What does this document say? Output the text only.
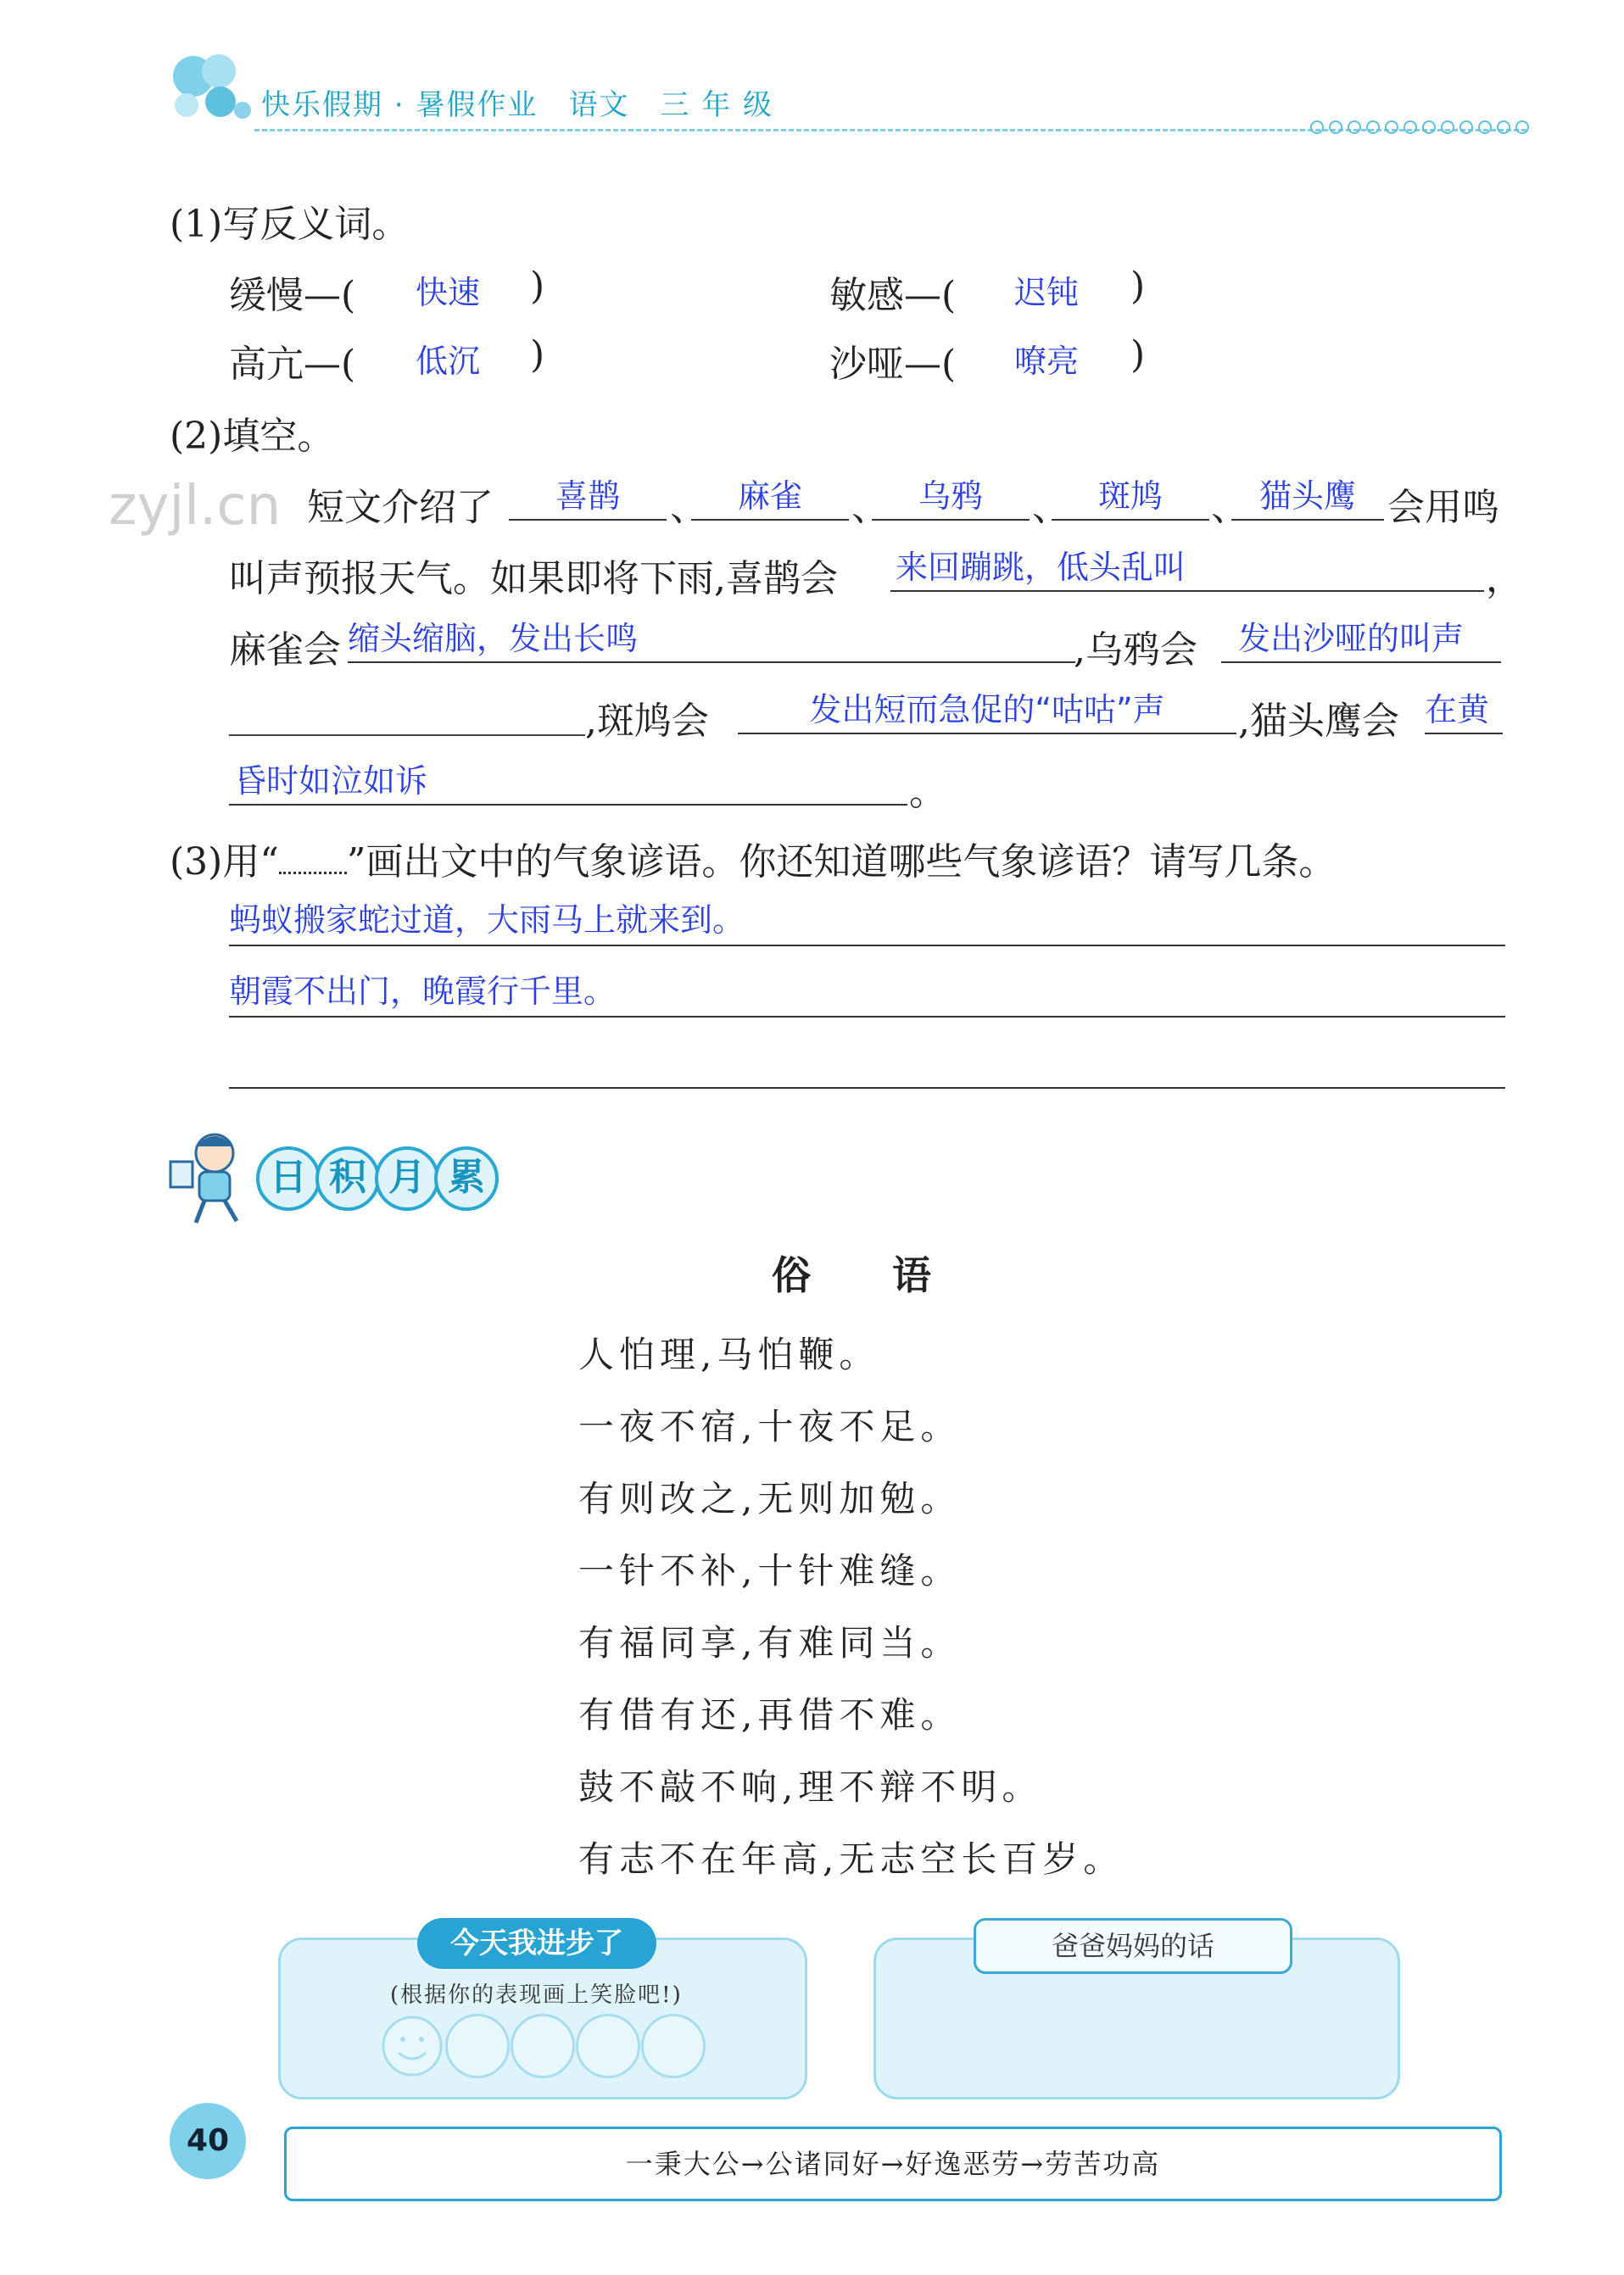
快乐假期 · 暑假作业 语文 三 年 级
(1)写反义词。
缓慢—( 快速 )	敏感—( 迟钝 )
高亢—( 低沉 )	沙哑—( 嘹亮 )
(2)填空。
zyjl.cn 短文介绍了	喜鹊	、 麻雀	、 乌鸦	、 斑鸠	、 猫头鹰 会用鸣
叫声预报天气。如果即将下雨,喜鹊会 来回蹦跳，低头乱叫	，
麻雀会 缩头缩脑，发出长鸣	,乌鸦会	发出沙哑的叫声
,斑鸠会	发出短而急促的“咕咕”声	,猫头鹰会 在黄
昏时如泣如诉	。
(3)用“ ”画出文中的气象谚语。你还知道哪些气象谚语？请写几条。
蚂蚁搬家蛇过道，大雨马上就来到。
朝霞不出门，晚霞行千里。
日 积 月 累
俗 语
人怕理,马怕鞭。
一夜不宿,十夜不足。
有则改之,无则加勉。
一针不补,十针难缝。
有福同享,有难同当。
有借有还,再借不难。
鼓不敲不响,理不辩不明。
有志不在年高,无志空长百岁。
今天我进步了
(根据你的表现画上笑脸吧!)
爸爸妈妈的话
40
一秉大公→公诸同好→好逸恶劳→劳苦功高
